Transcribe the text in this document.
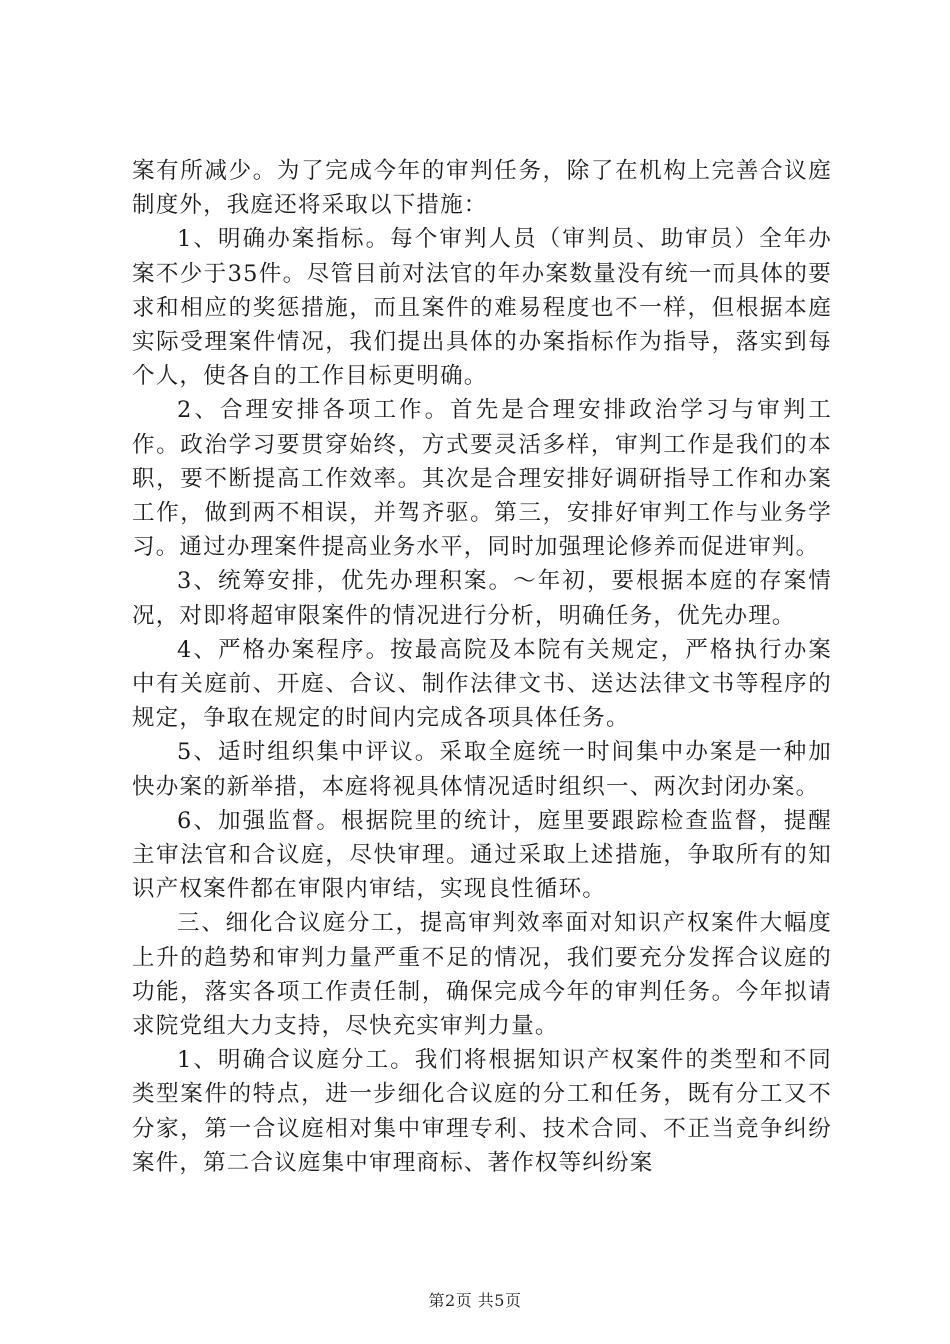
案有所减少。为了完成今年的审判任务，除了在机构上完善合议庭制度外，我庭还将采取以下措施：

1、明确办案指标。每个审判人员（审判员、助审员）全年办案不少于35件。尽管目前对法官的年办案数量没有统一而具体的要求和相应的奖惩措施，而且案件的难易程度也不一样，但根据本庭实际受理案件情况，我们提出具体的办案指标作为指导，落实到每个人，使各自的工作目标更明确。

2、合理安排各项工作。首先是合理安排政治学习与审判工作。政治学习要贯穿始终，方式要灵活多样，审判工作是我们的本职，要不断提高工作效率。其次是合理安排好调研指导工作和办案工作，做到两不相误，并驾齐驱。第三，安排好审判工作与业务学习。通过办理案件提高业务水平，同时加强理论修养而促进审判。

3、统筹安排，优先办理积案。～年初，要根据本庭的存案情况，对即将超审限案件的情况进行分析，明确任务，优先办理。

4、严格办案程序。按最高院及本院有关规定，严格执行办案中有关庭前、开庭、合议、制作法律文书、送达法律文书等程序的规定，争取在规定的时间内完成各项具体任务。

5、适时组织集中评议。采取全庭统一时间集中办案是一种加快办案的新举措，本庭将视具体情况适时组织一、两次封闭办案。

6、加强监督。根据院里的统计，庭里要跟踪检查监督，提醒主审法官和合议庭，尽快审理。通过采取上述措施，争取所有的知识产权案件都在审限内审结，实现良性循环。

三、细化合议庭分工，提高审判效率面对知识产权案件大幅度上升的趋势和审判力量严重不足的情况，我们要充分发挥合议庭的功能，落实各项工作责任制，确保完成今年的审判任务。今年拟请求院党组大力支持，尽快充实审判力量。

1、明确合议庭分工。我们将根据知识产权案件的类型和不同类型案件的特点，进一步细化合议庭的分工和任务，既有分工又不分家，第一合议庭相对集中审理专利、技术合同、不正当竞争纠纷案件，第二合议庭集中审理商标、著作权等纠纷案

第2页 共5页
